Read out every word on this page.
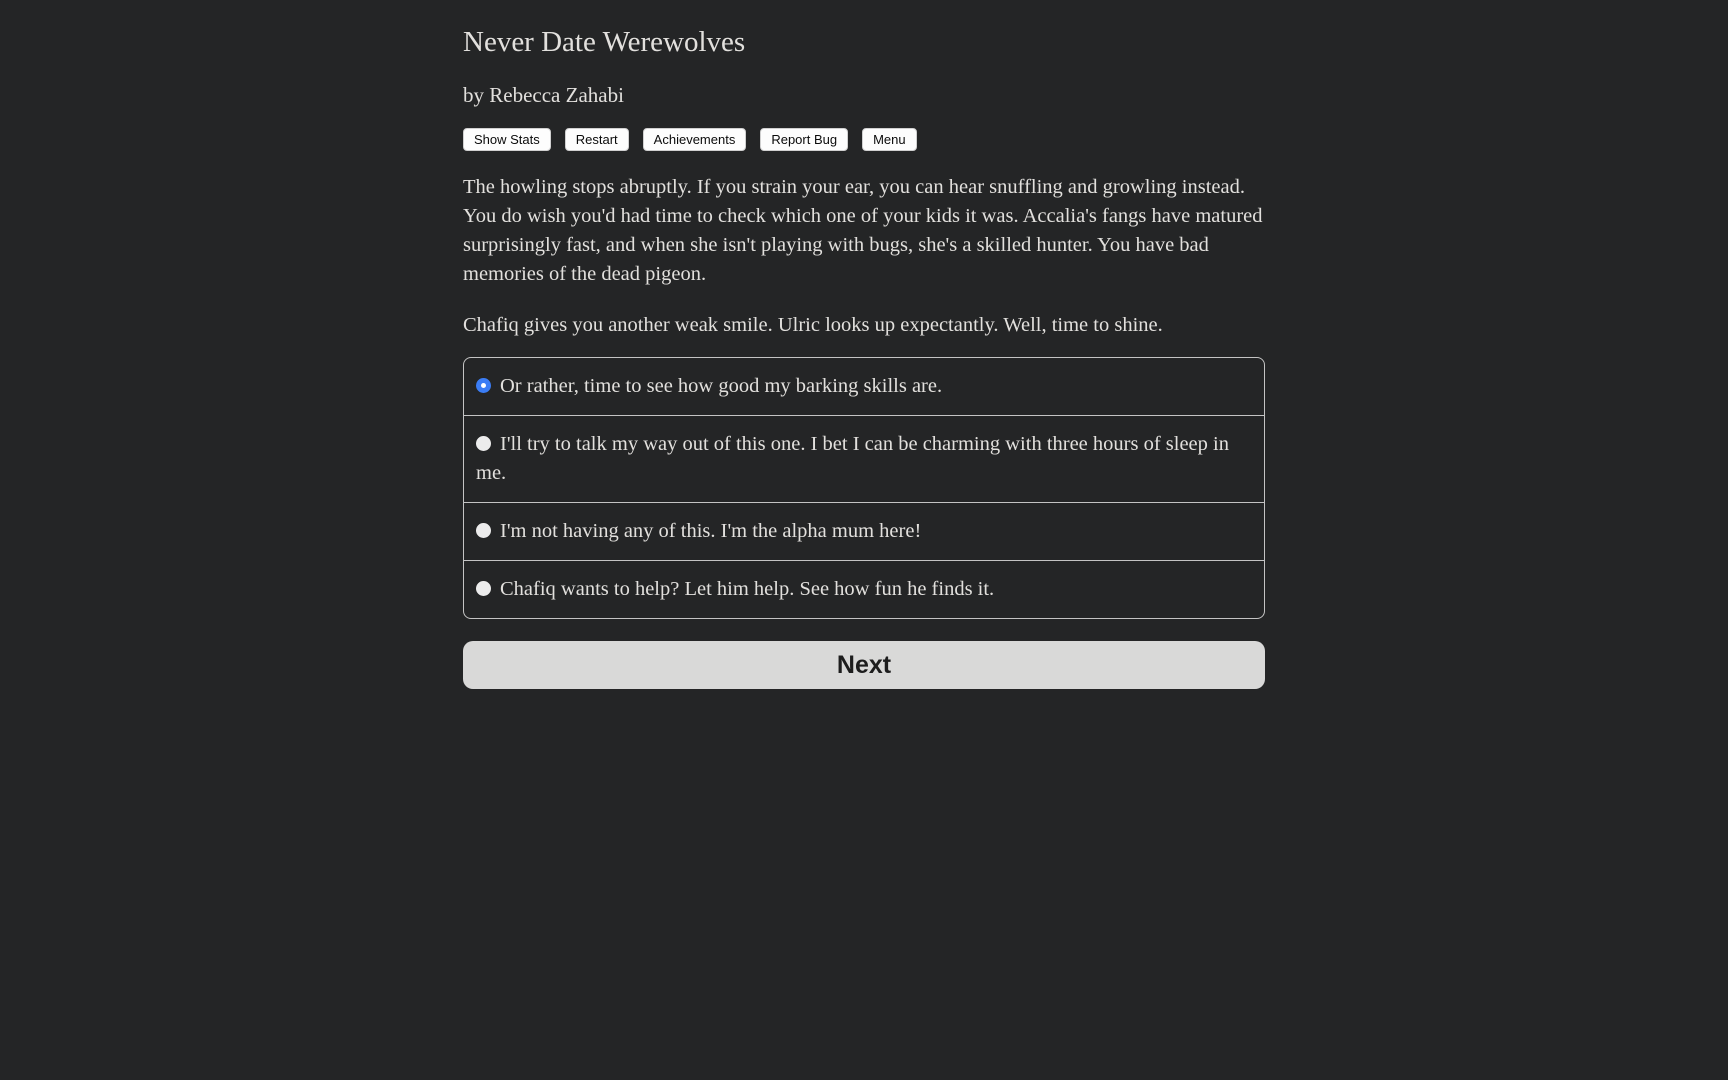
Never Date Werewolves
by Rebecca Zahabi
Show Stats	Restart	Achievements	Report Bug	Menu

The howling stops abruptly. If you strain your ear, you can hear snuffling and growling instead. You do wish you'd had time to check which one of your kids it was. Accalia's fangs have matured surprisingly fast, and when she isn't playing with bugs, she's a skilled hunter. You have bad memories of the dead pigeon.

Chafiq gives you another weak smile. Ulric looks up expectantly. Well, time to shine.

Or rather, time to see how good my barking skills are.
I'll try to talk my way out of this one. I bet I can be charming with three hours of sleep in me.
I'm not having any of this. I'm the alpha mum here!
Chafiq wants to help? Let him help. See how fun he finds it.
Next
